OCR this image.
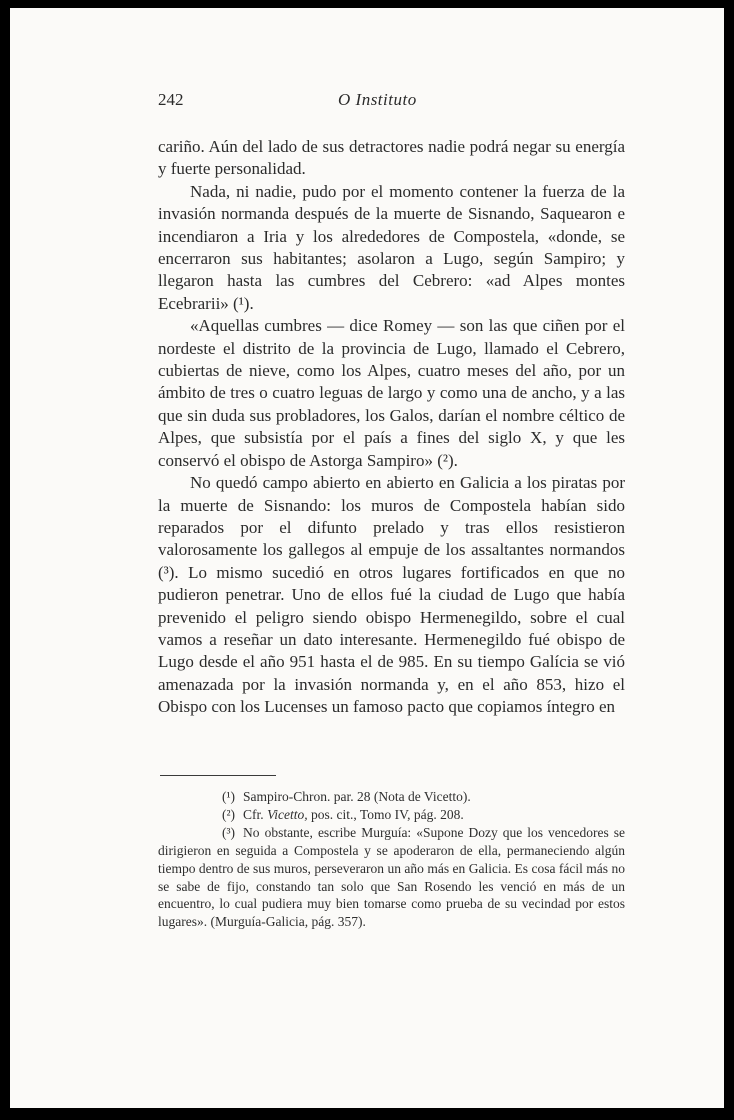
242	O Instituto

cariño. Aún del lado de sus detractores nadie podrá negar su energía y fuerte personalidad.

Nada, ni nadie, pudo por el momento contener la fuerza de la invasión normanda después de la muerte de Sisnando, Saquearon e incendiaron a Iria y los alrededores de Compostela, «donde, se encerraron sus habitantes; asolaron a Lugo, según Sampiro; y llegaron hasta las cumbres del Cebrero: «ad Alpes montes Ecebrarii» (¹).

«Aquellas cumbres — dice Romey — son las que ciñen por el nordeste el distrito de la provincia de Lugo, llamado el Cebrero, cubiertas de nieve, como los Alpes, cuatro meses del año, por un ámbito de tres o cuatro leguas de largo y como una de ancho, y a las que sin duda sus probladores, los Galos, darían el nombre céltico de Alpes, que subsistía por el país a fines del siglo X, y que les conservó el obispo de Astorga Sampiro» (²).

No quedó campo abierto en abierto en Galicia a los piratas por la muerte de Sisnando: los muros de Compostela habían sido reparados por el difunto prelado y tras ellos resistieron valorosamente los gallegos al empuje de los assaltantes normandos (³). Lo mismo sucedió en otros lugares fortificados en que no pudieron penetrar. Uno de ellos fué la ciudad de Lugo que había prevenido el peligro siendo obispo Hermenegildo, sobre el cual vamos a reseñar un dato interesante. Hermenegildo fué obispo de Lugo desde el año 951 hasta el de 985. En su tiempo Galícia se vió amenazada por la invasión normanda y, en el año 853, hizo el Obispo con los Lucenses un famoso pacto que copiamos íntegro en

(¹) Sampiro-Chron. par. 28 (Nota de Vicetto).

(²) Cfr. Vicetto, pos. cit., Tomo IV, pág. 208.

(³) No obstante, escribe Murguía: «Supone Dozy que los vencedores se dirigieron en seguida a Compostela y se apoderaron de ella, permaneciendo algún tiempo dentro de sus muros, perseveraron un año más en Galicia. Es cosa fácil más no se sabe de fijo, constando tan solo que San Rosendo les venció en más de un encuentro, lo cual pudiera muy bien tomarse como prueba de su vecindad por estos lugares». (Murguía-Galicia, pág. 357).
